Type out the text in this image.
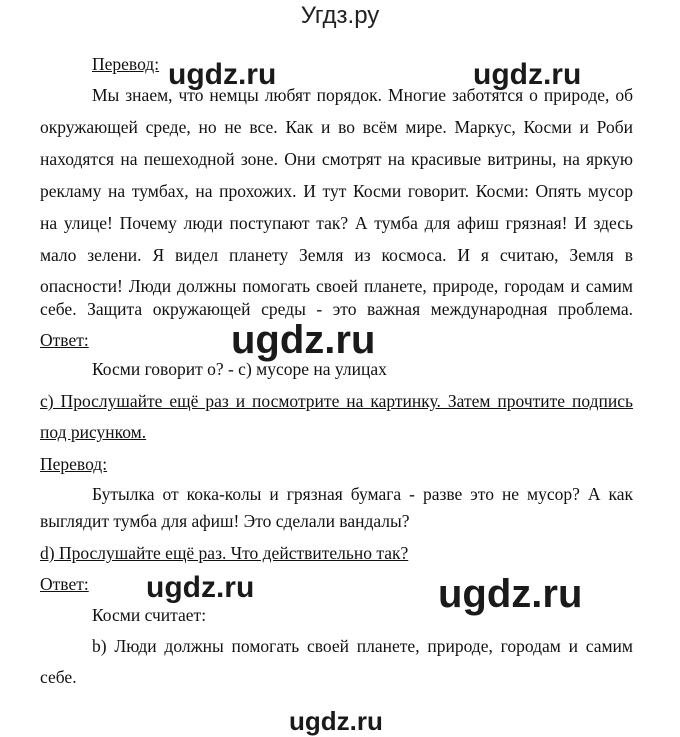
Угдз.ру
ugdz.ru	ugdz.ru
ugdz.ru
ugdz.ru	ugdz.ru
ugdz.ru
Перевод:
Мы знаем, что немцы любят порядок. Многие заботятся о природе, об
окружающей среде, но не все. Как и во всём мире. Маркус, Косми и Роби
находятся на пешеходной зоне. Они смотрят на красивые витрины, на яркую
рекламу на тумбах, на прохожих. И тут Косми говорит. Косми: Опять мусор
на улице! Почему люди поступают так? А тумба для афиш грязная! И здесь
мало зелени. Я видел планету Земля из космоса. И я считаю, Земля в
опасности! Люди должны помогать своей планете, природе, городам и самим
себе. Защита окружающей среды - это важная международная проблема.
Ответ:
Косми говорит о? - с) мусоре на улицах
с) Прослушайте ещё раз и посмотрите на картинку. Затем прочтите подпись
под рисунком.
Перевод:
Бутылка от кока-колы и грязная бумага - разве это не мусор? А как
выглядит тумба для афиш! Это сделали вандалы?
d) Прослушайте ещё раз. Что действительно так?
Ответ:
Косми считает:
b) Люди должны помогать своей планете, природе, городам и самим
себе.
